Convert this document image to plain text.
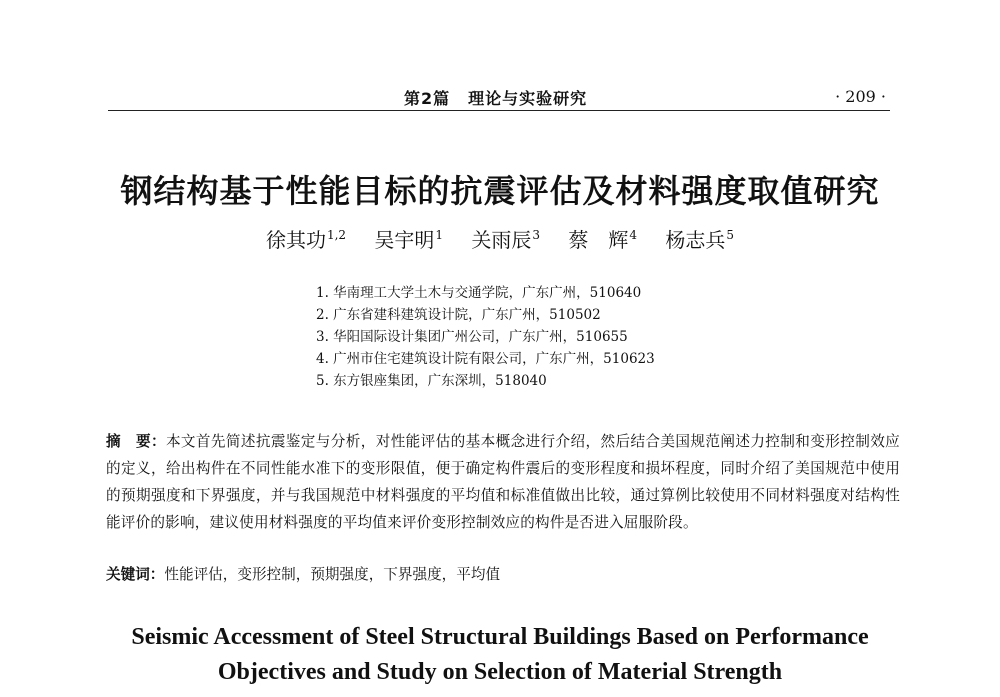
第2篇 理论与实验研究	· 209 ·
钢结构基于性能目标的抗震评估及材料强度取值研究
徐其功$^{1,2}$ 吴宇明$^1$ 关雨辰$^3$ 蔡　辉$^4$ 杨志兵$^5$
1. 华南理工大学土木与交通学院，广东广州，510640
2. 广东省建科建筑设计院，广东广州，510502
3. 华阳国际设计集团广州公司，广东广州，510655
4. 广州市住宅建筑设计院有限公司，广东广州，510623
5. 东方银座集团，广东深圳，518040
摘　要：本文首先简述抗震鉴定与分析，对性能评估的基本概念进行介绍，然后结合美国规范阐述力控制和变形控制效应的定义，给出构件在不同性能水准下的变形限值，便于确定构件震后的变形程度和损坏程度，同时介绍了美国规范中使用的预期强度和下界强度，并与我国规范中材料强度的平均值和标准值做出比较，通过算例比较使用不同材料强度对结构性能评价的影响，建议使用材料强度的平均值来评价变形控制效应的构件是否进入屈服阶段。
关键词：性能评估，变形控制，预期强度，下界强度，平均值
Seismic Accessment of Steel Structural Buildings Based on Performance
Objectives and Study on Selection of Material Strength
